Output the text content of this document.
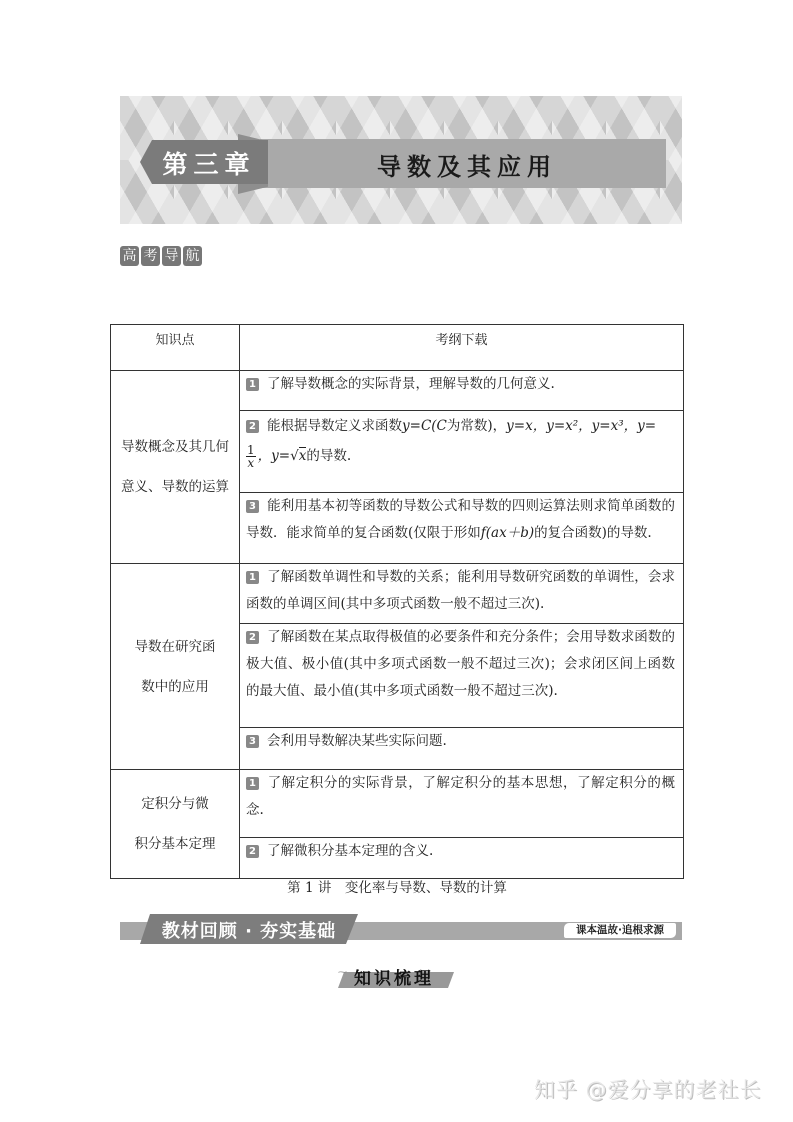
第三章	导数及其应用
高 考 导 航
知识点	考纲下载

导数概念及其几何
意义、导数的运算	1 了解导数概念的实际背景，理解导数的几何意义.
	2 能根据导数定义求函数y=C(C为常数)，y=x，y=x²，y=x³，y=

$\frac{1}{x}$ ，y=√x的导数.
	3 能利用基本初等函数的导数公式和导数的四则运算法则求简单函数的导数．能求简单的复合函数(仅限于形如f(ax＋b)的复合函数)的导数.

导数在研究函
数中的应用	1 了解函数单调性和导数的关系；能利用导数研究函数的单调性，会求函数的单调区间(其中多项式函数一般不超过三次).
	2 了解函数在某点取得极值的必要条件和充分条件；会用导数求函数的极大值、极小值(其中多项式函数一般不超过三次)；会求闭区间上函数的最大值、最小值(其中多项式函数一般不超过三次).
	3 会利用导数解决某些实际问题.

定积分与微
积分基本定理	1 了解定积分的实际背景，了解定积分的基本思想，了解定积分的概念.
	2 了解微积分基本定理的含义.
第 1 讲　变化率与导数、导数的计算
教材回顾 · 夯实基础	课本温故·追根求源
⁓ 知识梳理
知乎 @爱分享的老社长
